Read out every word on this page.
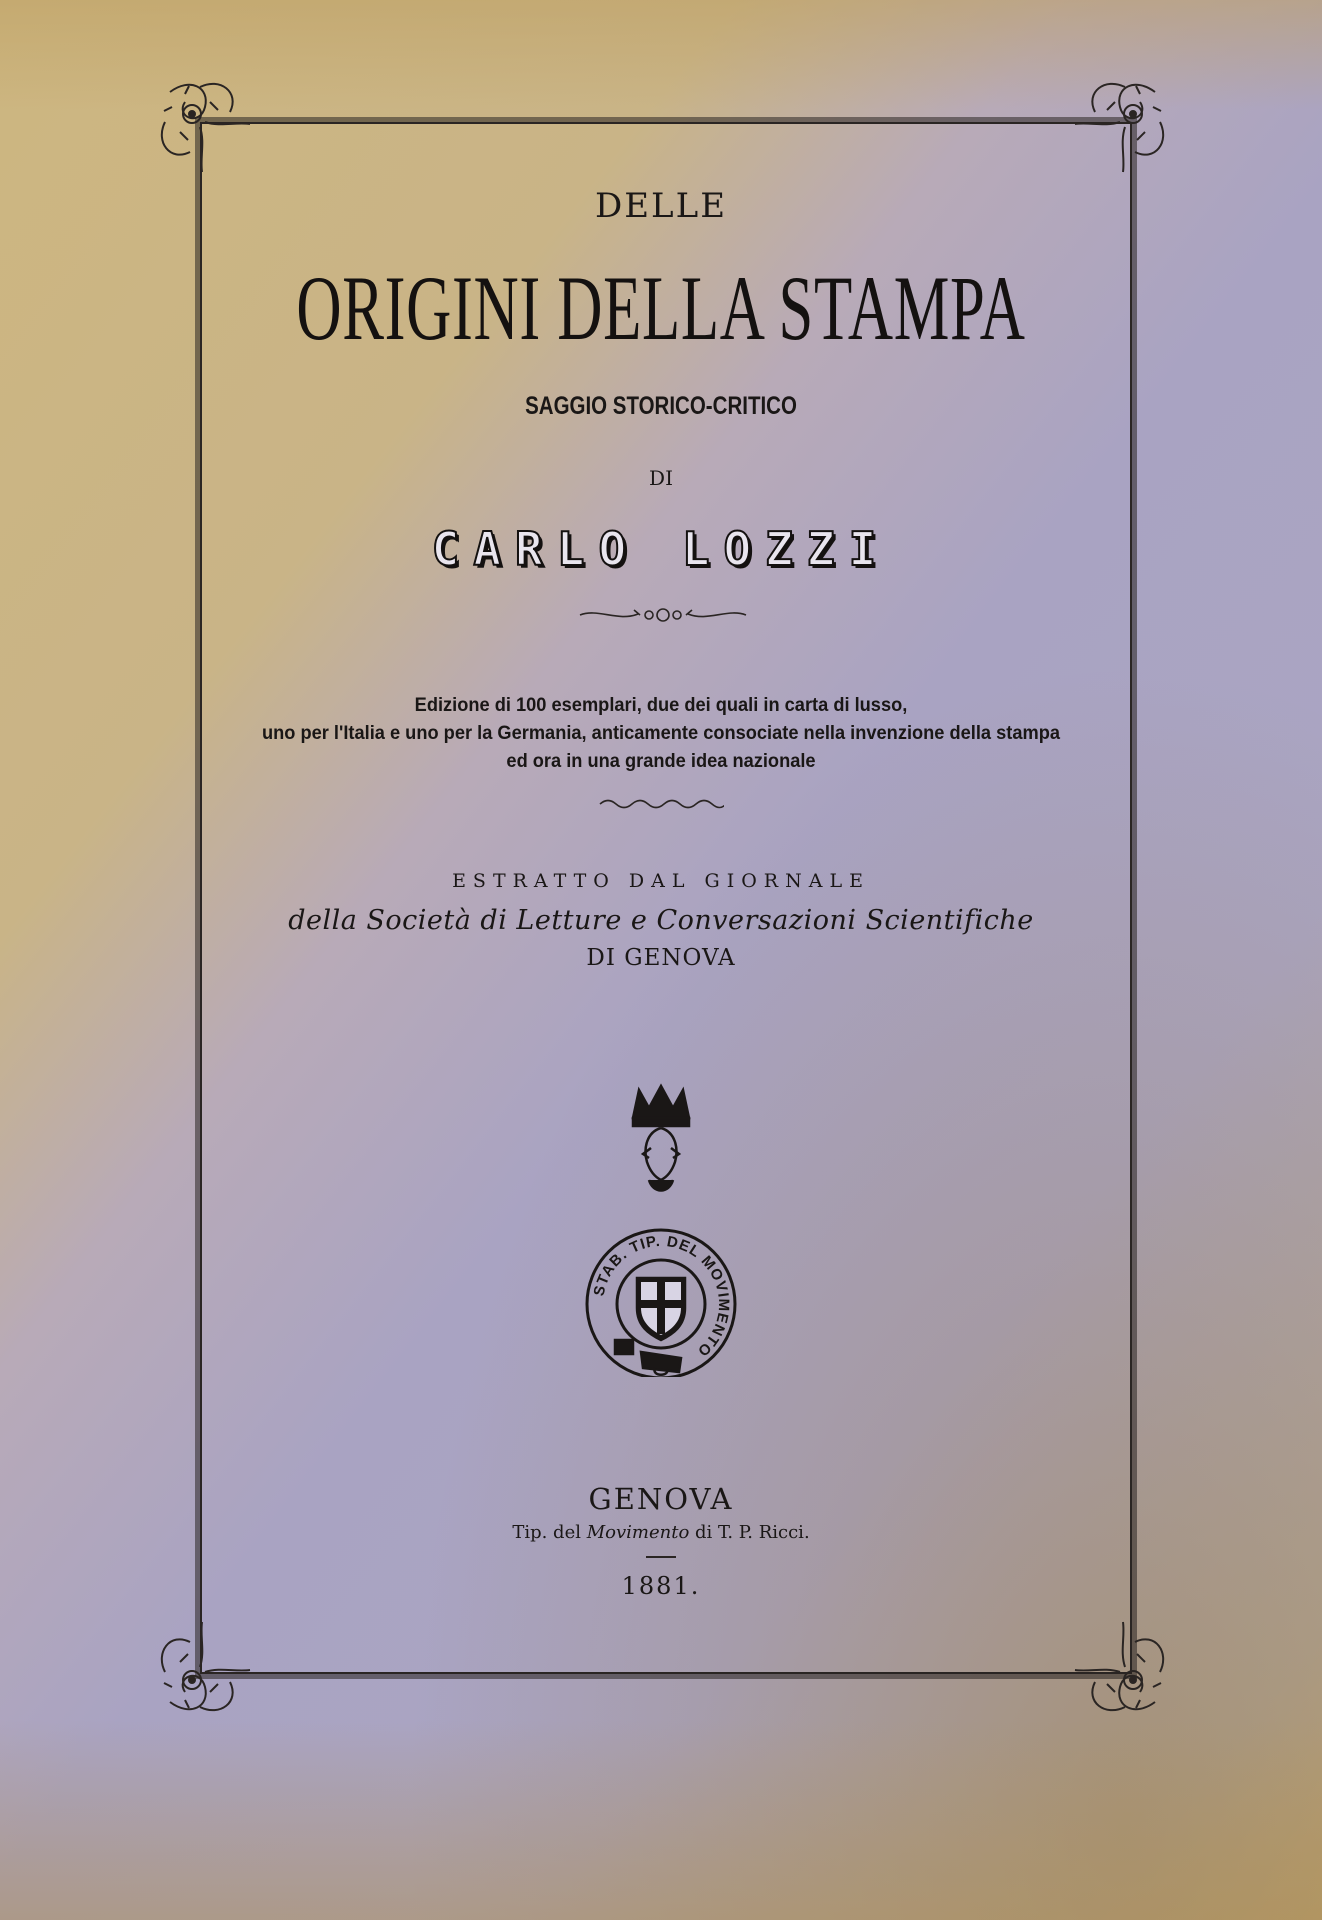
DELLE
ORIGINI DELLA STAMPA
SAGGIO STORICO-CRITICO
DI
CARLO LOZZI
Edizione di 100 esemplari, due dei quali in carta di lusso,
uno per l'Italia e uno per la Germania, anticamente consociate nella invenzione della stampa
ed ora in una grande idea nazionale
ESTRATTO DAL GIORNALE
della Società di Letture e Conversazioni Scientifiche
DI GENOVA
STAB. TIP. DEL MOVIMENTO
GENOVA
Tip. del Movimento di T. P. Ricci.
1881.
